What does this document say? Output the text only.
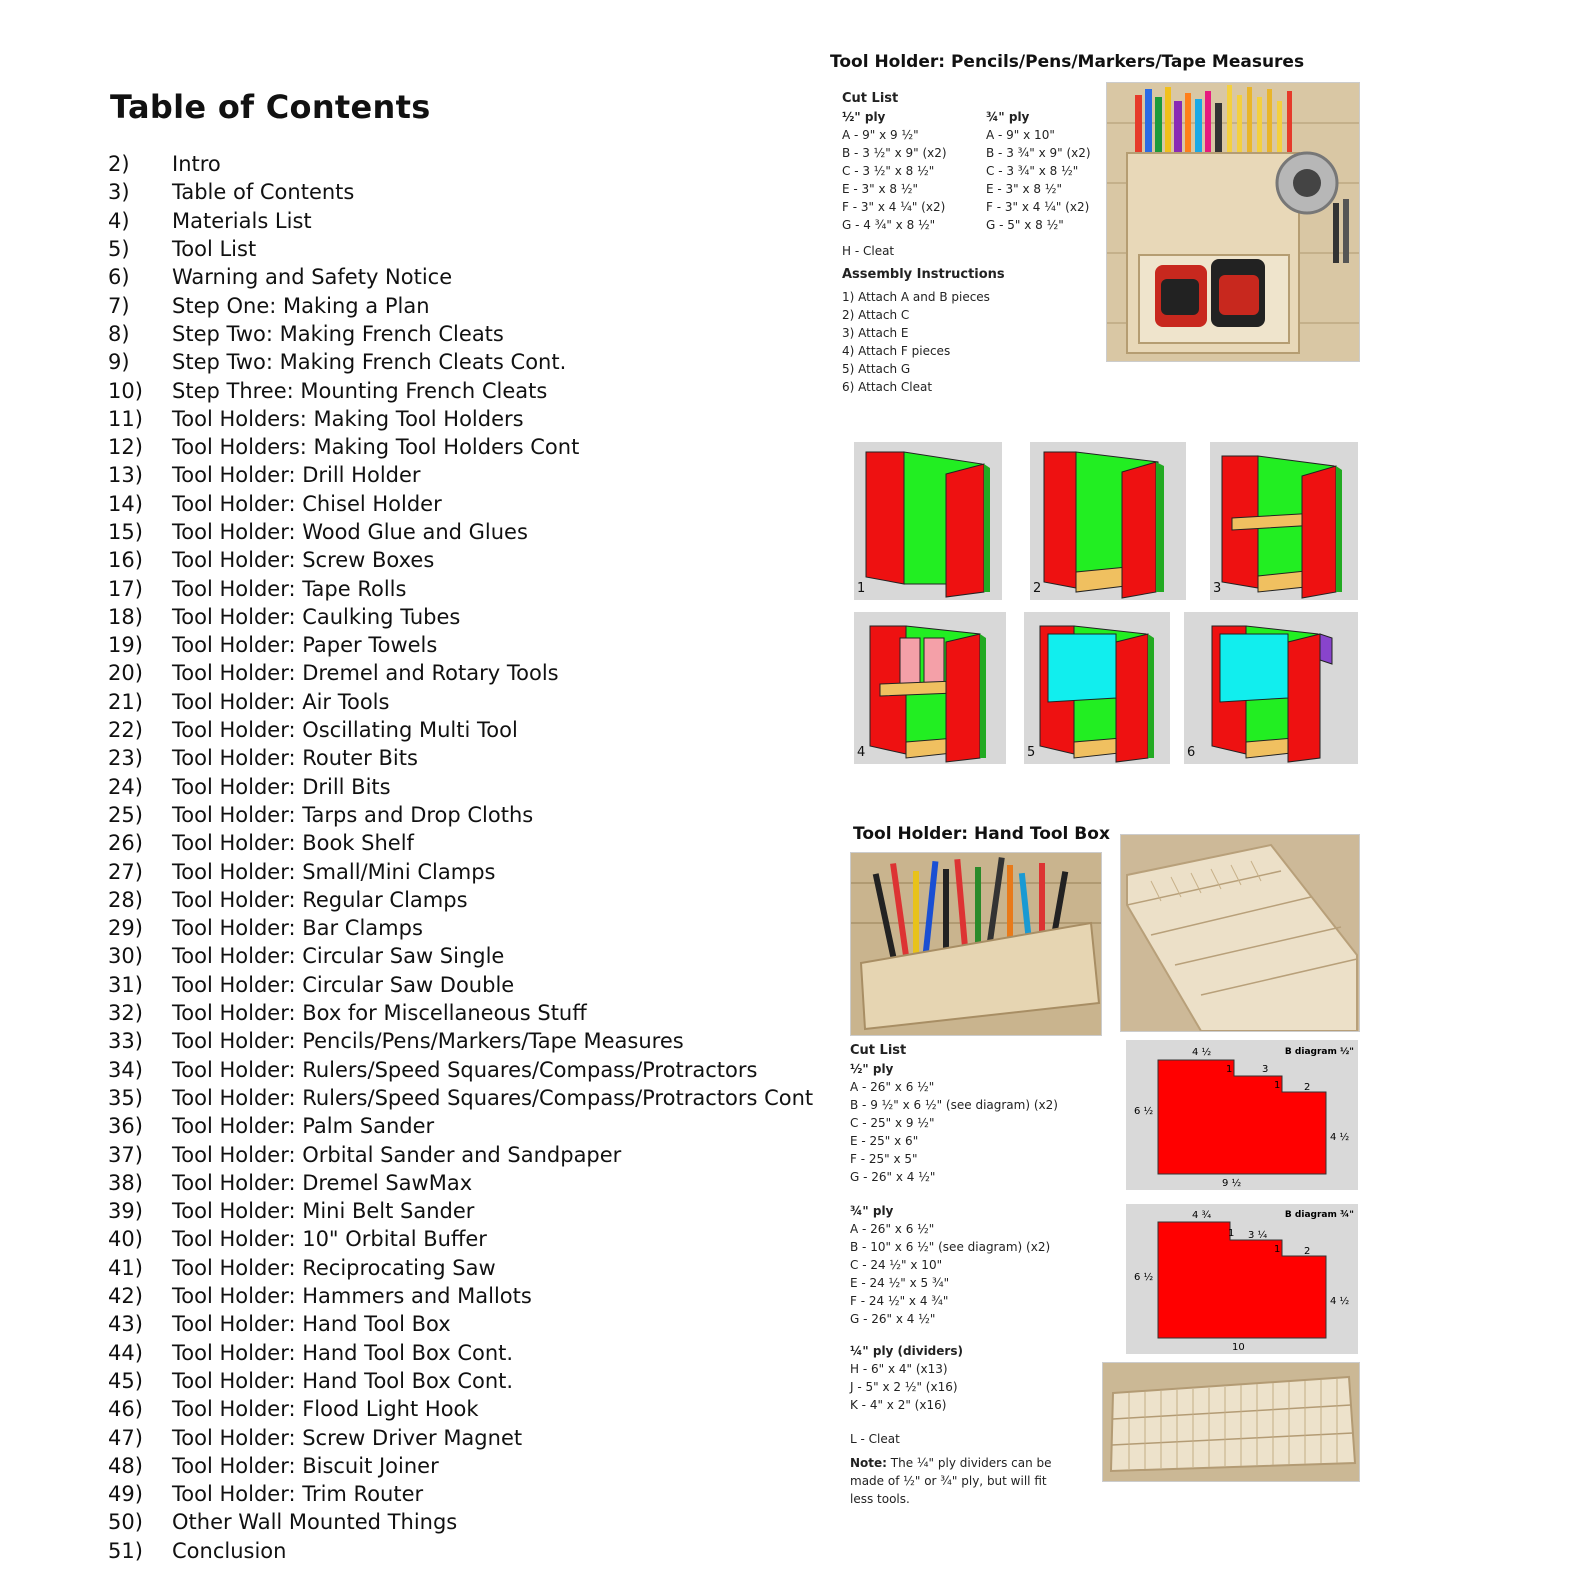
Table of Contents
2)	Intro
3)	Table of Contents
4)	Materials List
5)	Tool List
6)	Warning and Safety Notice
7)	Step One: Making a Plan
8)	Step Two: Making French Cleats
9)	Step Two: Making French Cleats Cont.
10)	Step Three: Mounting French Cleats
11)	Tool Holders: Making Tool Holders
12)	Tool Holders: Making Tool Holders Cont
13)	Tool Holder: Drill Holder
14)	Tool Holder: Chisel Holder
15)	Tool Holder: Wood Glue and Glues
16)	Tool Holder: Screw Boxes
17)	Tool Holder: Tape Rolls
18)	Tool Holder: Caulking Tubes
19)	Tool Holder: Paper Towels
20)	Tool Holder: Dremel and Rotary Tools
21)	Tool Holder: Air Tools
22)	Tool Holder: Oscillating Multi Tool
23)	Tool Holder: Router Bits
24)	Tool Holder: Drill Bits
25)	Tool Holder: Tarps and Drop Cloths
26)	Tool Holder: Book Shelf
27)	Tool Holder: Small/Mini Clamps
28)	Tool Holder: Regular Clamps
29)	Tool Holder: Bar Clamps
30)	Tool Holder: Circular Saw Single
31)	Tool Holder: Circular Saw Double
32)	Tool Holder: Box for Miscellaneous Stuff
33)	Tool Holder: Pencils/Pens/Markers/Tape Measures
34)	Tool Holder: Rulers/Speed Squares/Compass/Protractors
35)	Tool Holder: Rulers/Speed Squares/Compass/Protractors Cont
36)	Tool Holder: Palm Sander
37)	Tool Holder: Orbital Sander and Sandpaper
38)	Tool Holder: Dremel SawMax
39)	Tool Holder: Mini Belt Sander
40)	Tool Holder: 10" Orbital Buffer
41)	Tool Holder: Reciprocating Saw
42)	Tool Holder: Hammers and Mallots
43)	Tool Holder: Hand Tool Box
44)	Tool Holder: Hand Tool Box Cont.
45)	Tool Holder: Hand Tool Box Cont.
46)	Tool Holder: Flood Light Hook
47)	Tool Holder: Screw Driver Magnet
48)	Tool Holder: Biscuit Joiner
49)	Tool Holder: Trim Router
50)	Other Wall Mounted Things
51)	Conclusion
Tool Holder: Pencils/Pens/Markers/Tape Measures
Cut List
½" ply
A - 9" x 9 ½"
B - 3 ½" x 9" (x2)
C - 3 ½" x 8 ½"
E - 3" x 8 ½"
F - 3" x 4 ¼" (x2)
G - 4 ¾" x 8 ½"
¾" ply
A - 9" x 10"
B - 3 ¾" x 9" (x2)
C - 3 ¾" x 8 ½"
E - 3" x 8 ½"
F - 3" x 4 ¼" (x2)
G - 5" x 8 ½"
H - Cleat
Assembly Instructions
1) Attach A and B pieces
2) Attach C
3) Attach E
4) Attach F pieces
5) Attach G
6) Attach Cleat
1	2	3
4	5	6
Tool Holder: Hand Tool Box
Cut List
½" ply
A - 26" x 6 ½"
B - 9 ½" x 6 ½" (see diagram) (x2)
C - 25" x 9 ½"
E - 25" x 6"
F - 25" x 5"
G - 26" x 4 ½"
¾" ply
A - 26" x 6 ½"
B - 10" x 6 ½" (see diagram) (x2)
C - 24 ½" x 10"
E - 24 ½" x 5 ¾"
F - 24 ½" x 4 ¾"
G - 26" x 4 ½"
¼" ply (dividers)
H - 6" x 4" (x13)
J - 5" x 2 ½" (x16)
K - 4" x 2" (x16)
L - Cleat
Note: The ¼" ply dividers can be
made of ½" or ¾" ply, but will fit
less tools.
4 ½	B diagram ½"
1	3
1 2
6 ½
4 ½
9 ½
4 ¾	B diagram ¾"
1 3 ¼
1 2
6 ½
4 ½
10
